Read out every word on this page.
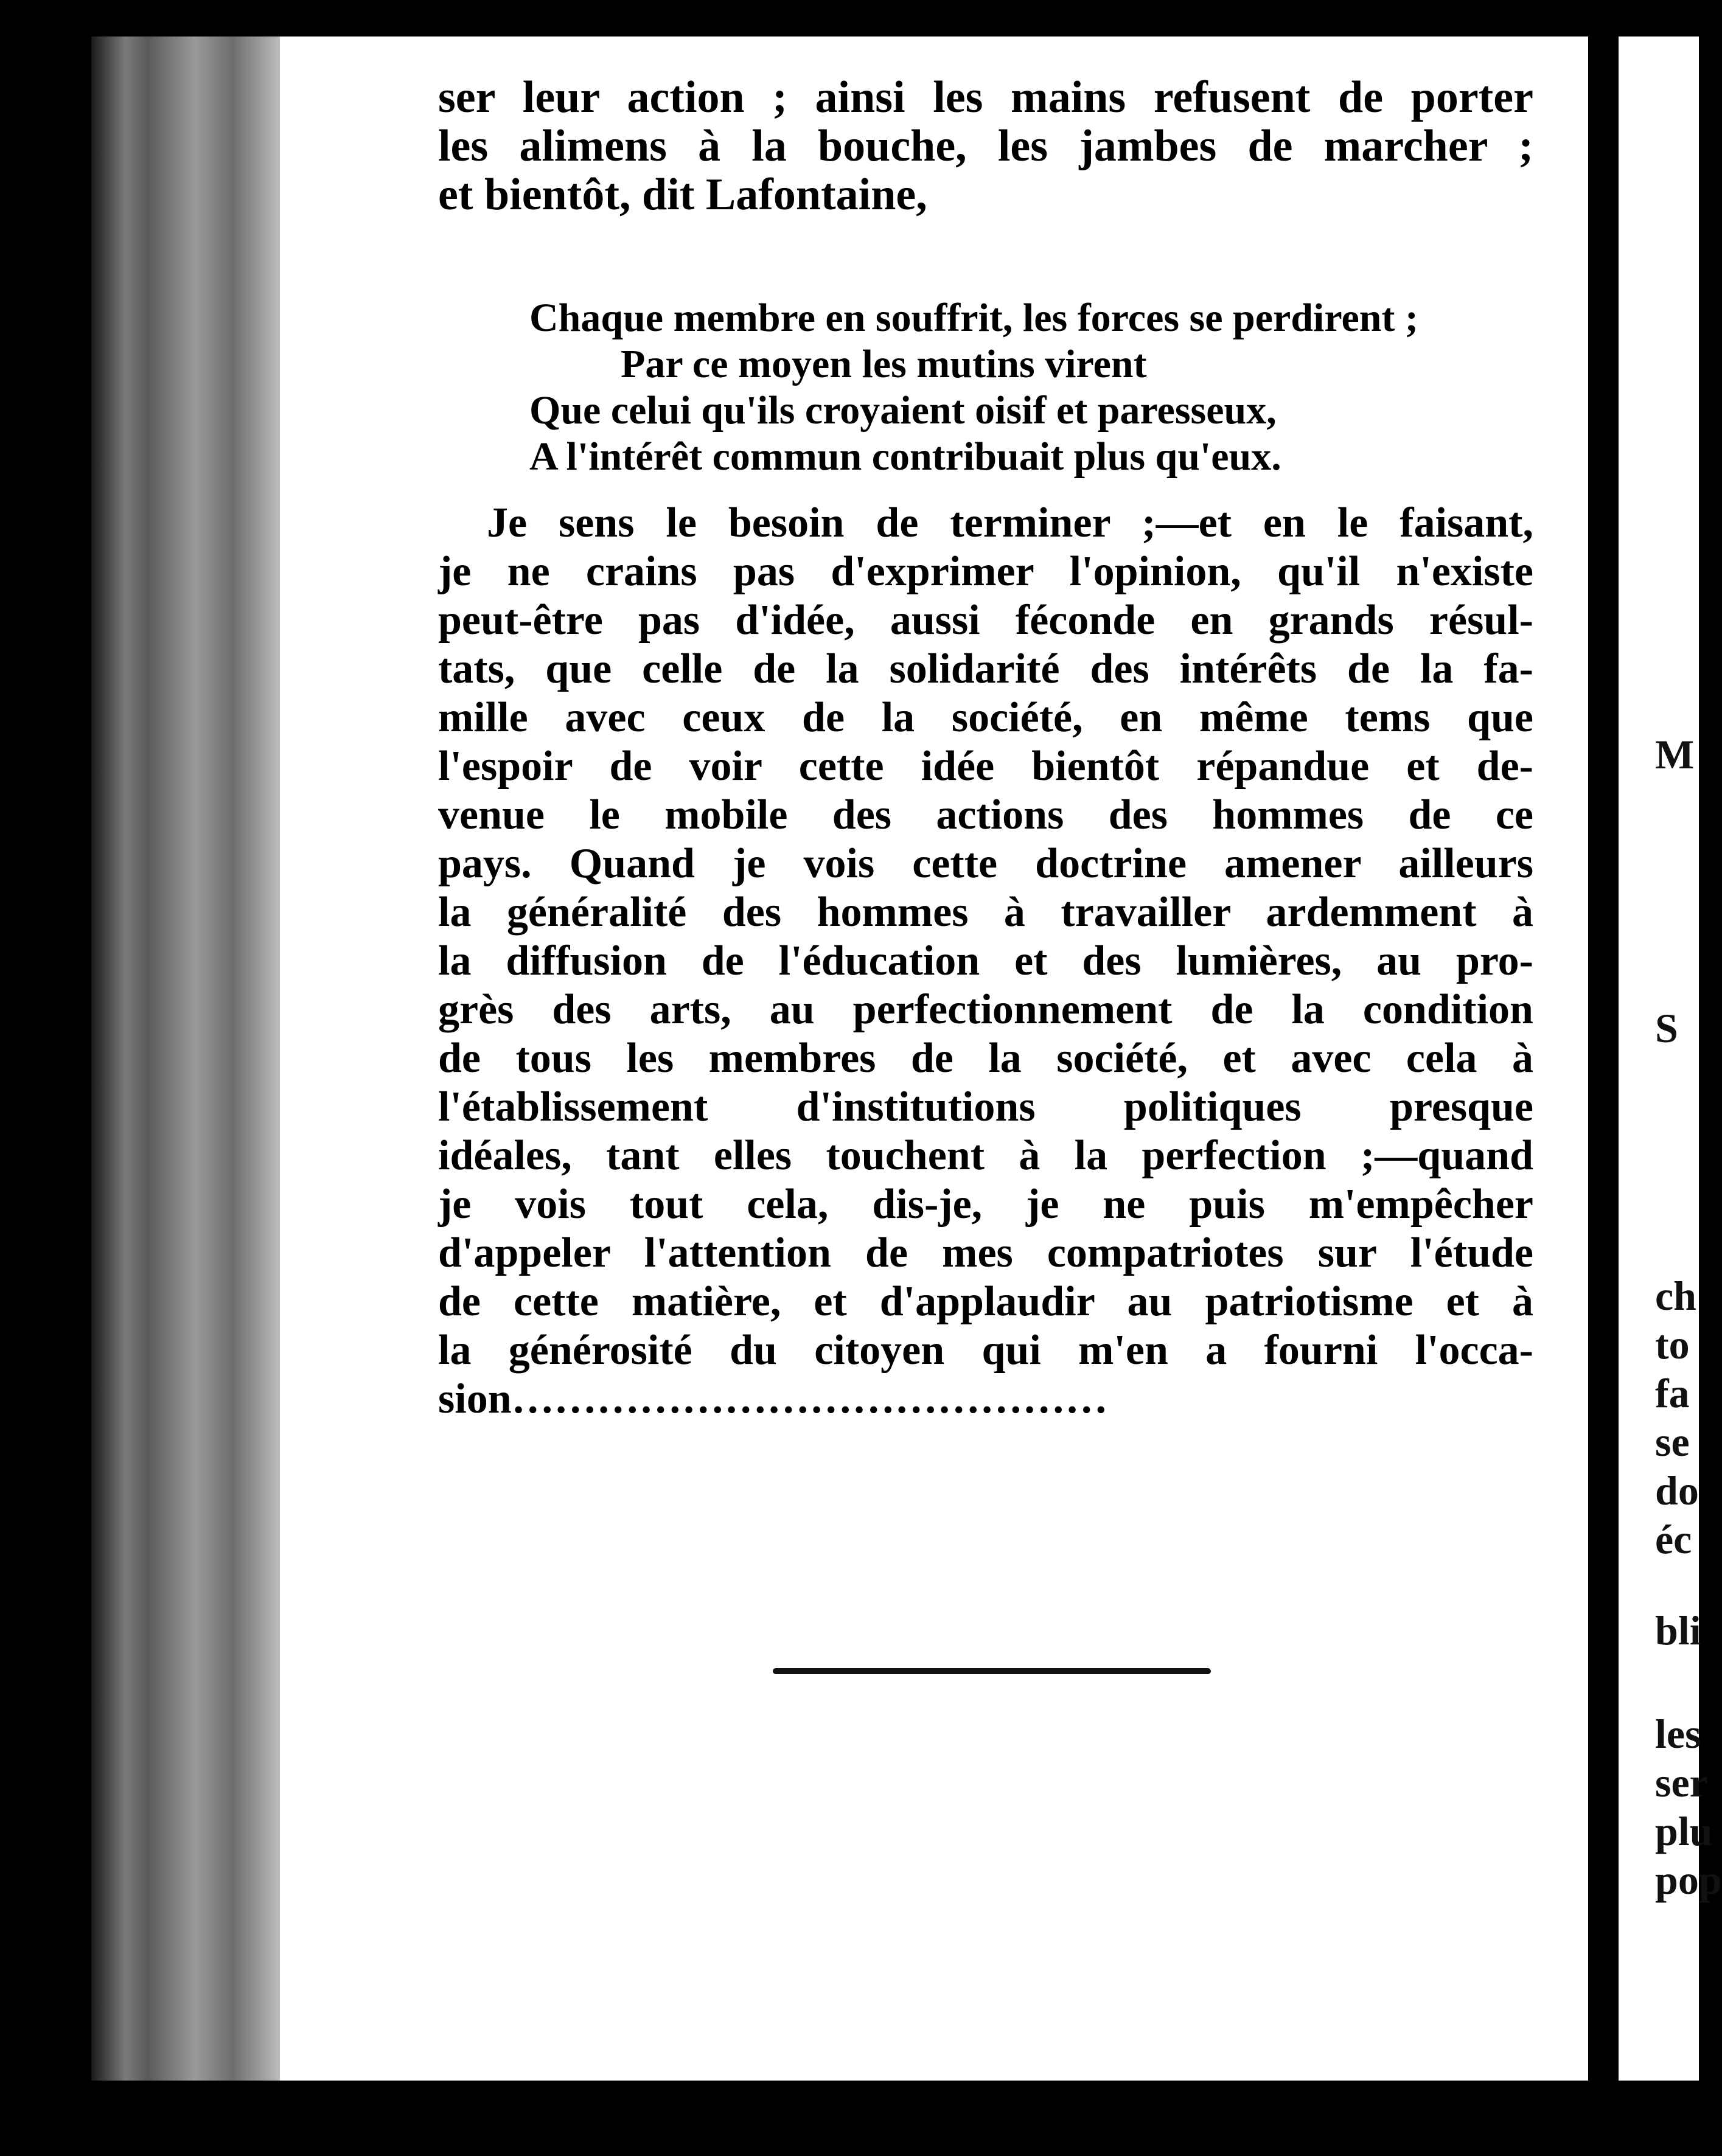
ser leur action ; ainsi les mains refusent de porter
les alimens à la bouche, les jambes de marcher ;
et bientôt, dit Lafontaine,
Chaque membre en souffrit, les forces se perdirent ;
Par ce moyen les mutins virent
Que celui qu'ils croyaient oisif et paresseux,
A l'intérêt commun contribuait plus qu'eux.
Je sens le besoin de terminer ;—et en le faisant,
je ne crains pas d'exprimer l'opinion, qu'il n'existe
peut-être pas d'idée, aussi féconde en grands résul-
tats, que celle de la solidarité des intérêts de la fa-
mille avec ceux de la société, en même tems que
l'espoir de voir cette idée bientôt répandue et de-
venue le mobile des actions des hommes de ce
pays. Quand je vois cette doctrine amener ailleurs
la généralité des hommes à travailler ardemment à
la diffusion de l'éducation et des lumières, au pro-
grès des arts, au perfectionnement de la condition
de tous les membres de la société, et avec cela à
l'établissement d'institutions politiques presque
idéales, tant elles touchent à la perfection ;—quand
je vois tout cela, dis-je, je ne puis m'empêcher
d'appeler l'attention de mes compatriotes sur l'étude
de cette matière, et d'applaudir au patriotisme et à
la générosité du citoyen qui m'en a fourni l'occa-
sion……………………………………
M
S
ch
to
fa
se
do
éc
bli
les
ser
plu
pop
